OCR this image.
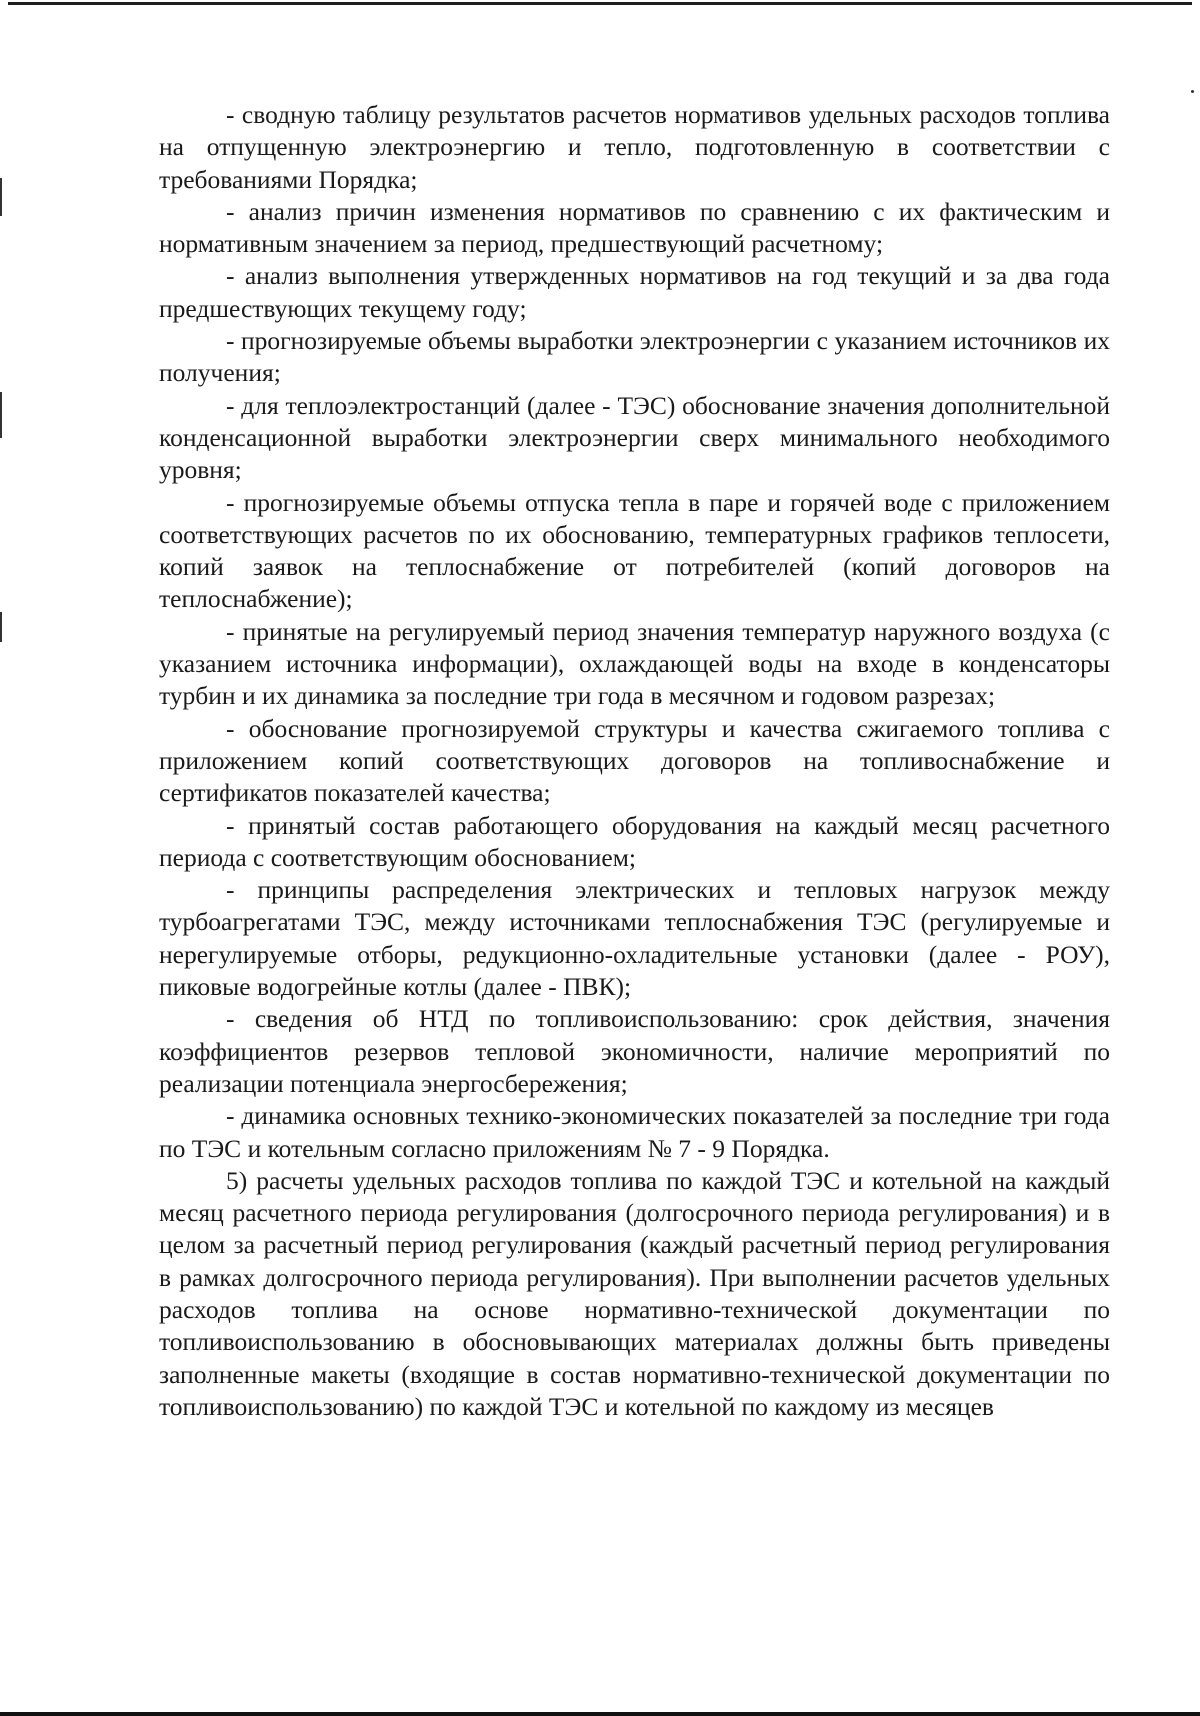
- сводную таблицу результатов расчетов нормативов удельных расходов топлива на отпущенную электроэнергию и тепло, подготовленную в соответствии с требованиями Порядка;

- анализ причин изменения нормативов по сравнению с их фактическим и нормативным значением за период, предшествующий расчетному;

- анализ выполнения утвержденных нормативов на год текущий и за два года предшествующих текущему году;

- прогнозируемые объемы выработки электроэнергии с указанием источников их получения;

- для теплоэлектростанций (далее - ТЭС) обоснование значения дополнительной конденсационной выработки электроэнергии сверх минимального необходимого уровня;

- прогнозируемые объемы отпуска тепла в паре и горячей воде с приложением соответствующих расчетов по их обоснованию, температурных графиков теплосети, копий заявок на теплоснабжение от потребителей (копий договоров на теплоснабжение);

- принятые на регулируемый период значения температур наружного воздуха (с указанием источника информации), охлаждающей воды на входе в конденсаторы турбин и их динамика за последние три года в месячном и годовом разрезах;

- обоснование прогнозируемой структуры и качества сжигаемого топлива с приложением копий соответствующих договоров на топливоснабжение и сертификатов показателей качества;

- принятый состав работающего оборудования на каждый месяц расчетного периода с соответствующим обоснованием;

- принципы распределения электрических и тепловых нагрузок между турбоагрегатами ТЭС, между источниками теплоснабжения ТЭС (регулируемые и нерегулируемые отборы, редукционно-охладительные установки (далее - РОУ), пиковые водогрейные котлы (далее - ПВК);

- сведения об НТД по топливоиспользованию: срок действия, значения коэффициентов резервов тепловой экономичности, наличие мероприятий по реализации потенциала энергосбережения;

- динамика основных технико-экономических показателей за последние три года по ТЭС и котельным согласно приложениям № 7 - 9 Порядка.

5) расчеты удельных расходов топлива по каждой ТЭС и котельной на каждый месяц расчетного периода регулирования (долгосрочного периода регулирования) и в целом за расчетный период регулирования (каждый расчетный период регулирования в рамках долгосрочного периода регулирования). При выполнении расчетов удельных расходов топлива на основе нормативно-технической документации по топливоиспользованию в обосновывающих материалах должны быть приведены заполненные макеты (входящие в состав нормативно-технической документации по топливоиспользованию) по каждой ТЭС и котельной по каждому из месяцев
